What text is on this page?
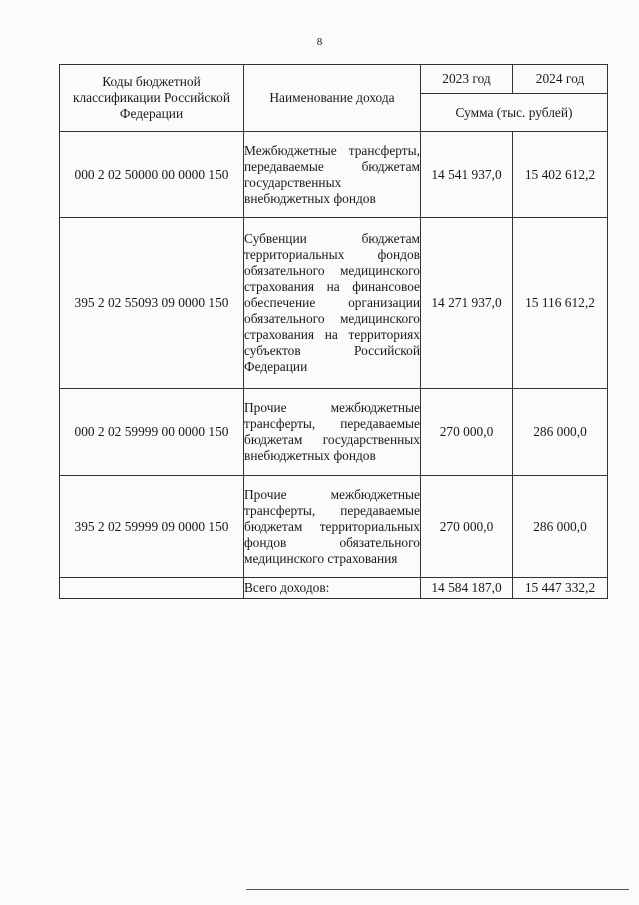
8
Коды бюджетной классификации Российской Федерации	Наименование дохода	2023 год	2024 год
		Сумма (тыс. рублей)	
000 2 02 50000 00 0000 150	Межбюджетные трансферты, передаваемые бюджетам государственных внебюджетных фондов	14 541 937,0	15 402 612,2
395 2 02 55093 09 0000 150	Субвенции бюджетам территориальных фондов обязательного медицинского страхования на финансовое обеспечение организации обязательного медицинского страхования на территориях субъектов Российской Федерации	14 271 937,0	15 116 612,2
000 2 02 59999 00 0000 150	Прочие межбюджетные трансферты, передаваемые бюджетам государственных внебюджетных фондов	270 000,0	286 000,0
395 2 02 59999 09 0000 150	Прочие межбюджетные трансферты, передаваемые бюджетам территориальных фондов обязательного медицинского страхования	270 000,0	286 000,0
	Всего доходов:	14 584 187,0	15 447 332,2
